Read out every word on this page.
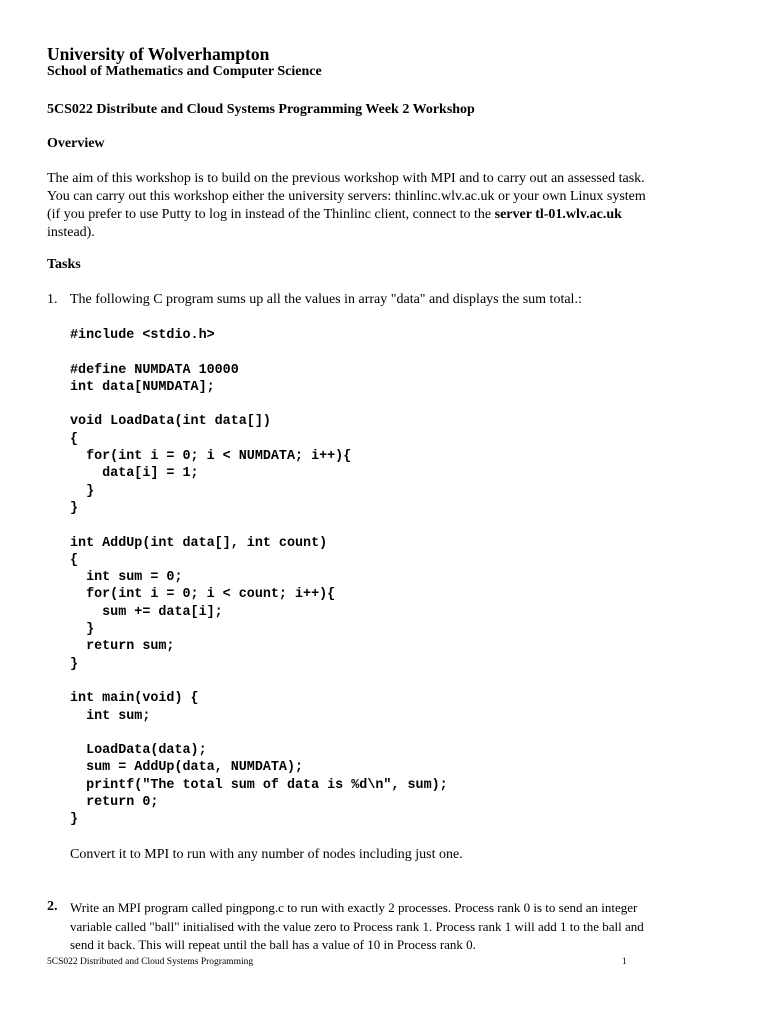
University of Wolverhampton
School of Mathematics and Computer Science
5CS022 Distribute and Cloud Systems Programming Week 2 Workshop
Overview
The aim of this workshop is to build on the previous workshop with MPI and to carry out an assessed task.
You can carry out this workshop either the university servers: thinlinc.wlv.ac.uk or your own Linux system
(if you prefer to use Putty to log in instead of the Thinlinc client, connect to the server tl-01.wlv.ac.uk
instead).
Tasks
1. The following C program sums up all the values in array "data" and displays the sum total.:
#include <stdio.h>

#define NUMDATA 10000
int data[NUMDATA];

void LoadData(int data[])
{
for(int i = 0; i < NUMDATA; i++){
data[i] = 1;
}
}

int AddUp(int data[], int count)
{
int sum = 0;
for(int i = 0; i < count; i++){
sum += data[i];
}
return sum;
}

int main(void) {
int sum;

LoadData(data);
sum = AddUp(data, NUMDATA);
printf("The total sum of data is %d\n", sum);
return 0;
}
Convert it to MPI to run with any number of nodes including just one.
2. Write an MPI program called pingpong.c to run with exactly 2 processes. Process rank 0 is to send an integer
variable called "ball" initialised with the value zero to Process rank 1. Process rank 1 will add 1 to the ball and
send it back. This will repeat until the ball has a value of 10 in Process rank 0.
5CS022 Distributed and Cloud Systems Programming	1
